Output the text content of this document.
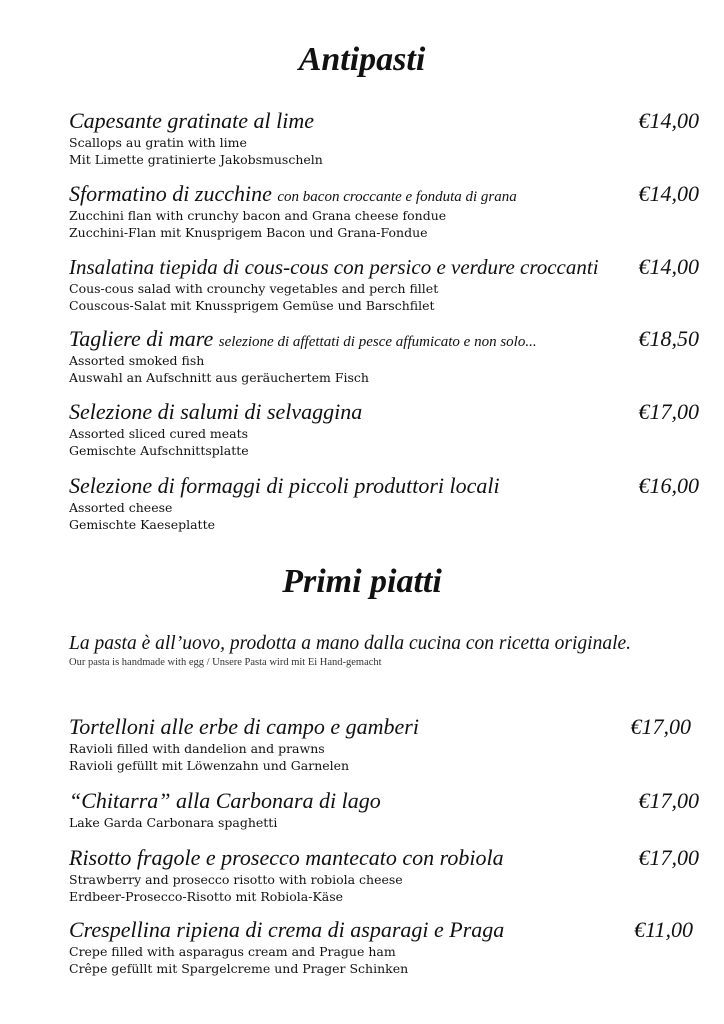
Antipasti
Capesante gratinate al lime	€14,00
Scallops au gratin with lime
Mit Limette gratinierte Jakobsmuscheln
Sformatino di zucchine con bacon croccante e fonduta di grana	€14,00
Zucchini flan with crunchy bacon and Grana cheese fondue
Zucchini-Flan mit Knusprigem Bacon und Grana-Fondue
Insalatina tiepida di cous-cous con persico e verdure croccanti €14,00
Cous-cous salad with crounchy vegetables and perch fillet
Couscous-Salat mit Knussprigem Gemüse und Barschfilet
Tagliere di mare selezione di affettati di pesce affumicato e non solo...	€18,50
Assorted smoked fish
Auswahl an Aufschnitt aus geräuchertem Fisch
Selezione di salumi di selvaggina	€17,00
Assorted sliced cured meats
Gemischte Aufschnittsplatte
Selezione di formaggi di piccoli produttori locali	€16,00
Assorted cheese
Gemischte Kaeseplatte
Primi piatti
La pasta è all’uovo, prodotta a mano dalla cucina con ricetta originale.
Our pasta is handmade with egg / Unsere Pasta wird mit Ei Hand-gemacht
Tortelloni alle erbe di campo e gamberi	€17,00
Ravioli filled with dandelion and prawns
Ravioli gefüllt mit Löwenzahn und Garnelen
“Chitarra” alla Carbonara di lago	€17,00
Lake Garda Carbonara spaghetti
Risotto fragole e prosecco mantecato con robiola	€17,00
Strawberry and prosecco risotto with robiola cheese
Erdbeer-Prosecco-Risotto mit Robiola-Käse
Crespellina ripiena di crema di asparagi e Praga	€11,00
Crepe filled with asparagus cream and Prague ham
Crêpe gefüllt mit Spargelcreme und Prager Schinken
